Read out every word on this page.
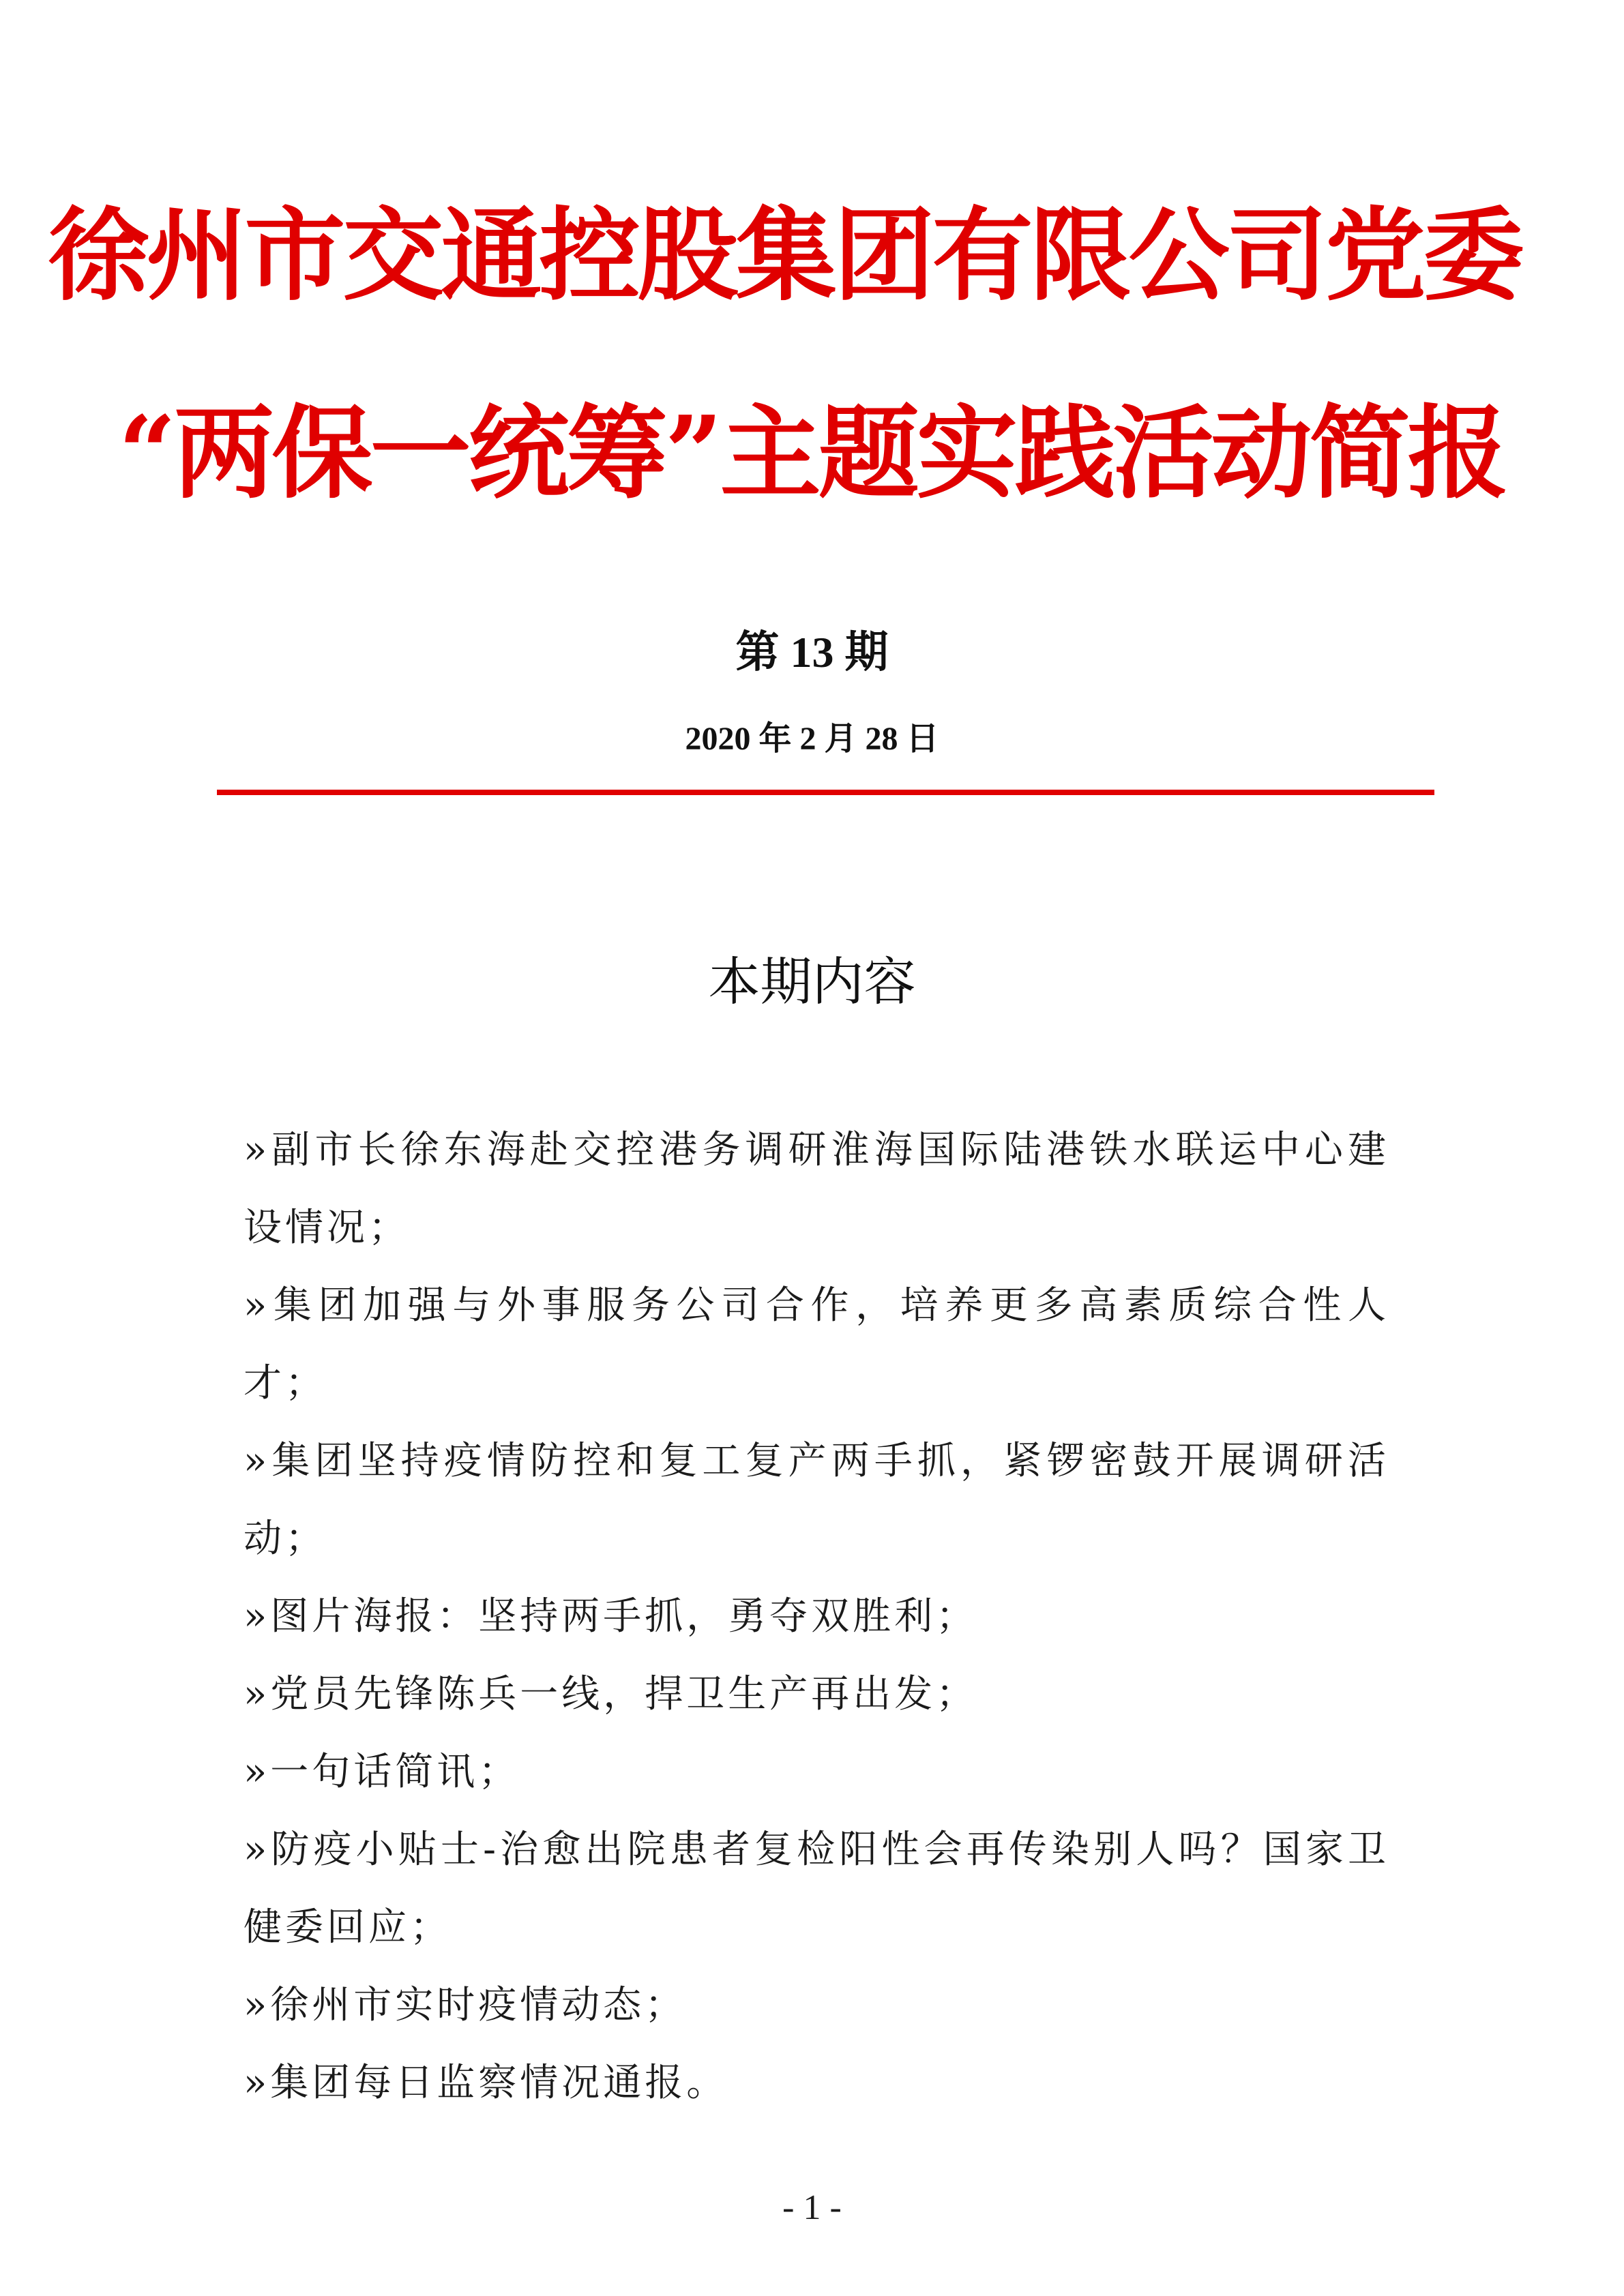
徐州市交通控股集团有限公司党委
“两保一统筹”主题实践活动简报
第 13 期
2020 年 2 月 28 日
本期内容
»副市长徐东海赴交控港务调研淮海国际陆港铁水联运中心建设情况；
»集团加强与外事服务公司合作，培养更多高素质综合性人才；
»集团坚持疫情防控和复工复产两手抓，紧锣密鼓开展调研活动；
»图片海报：坚持两手抓，勇夺双胜利；
»党员先锋陈兵一线，捍卫生产再出发；
»一句话简讯；
»防疫小贴士-治愈出院患者复检阳性会再传染别人吗？国家卫健委回应；
»徐州市实时疫情动态；
»集团每日监察情况通报。
- 1 -
